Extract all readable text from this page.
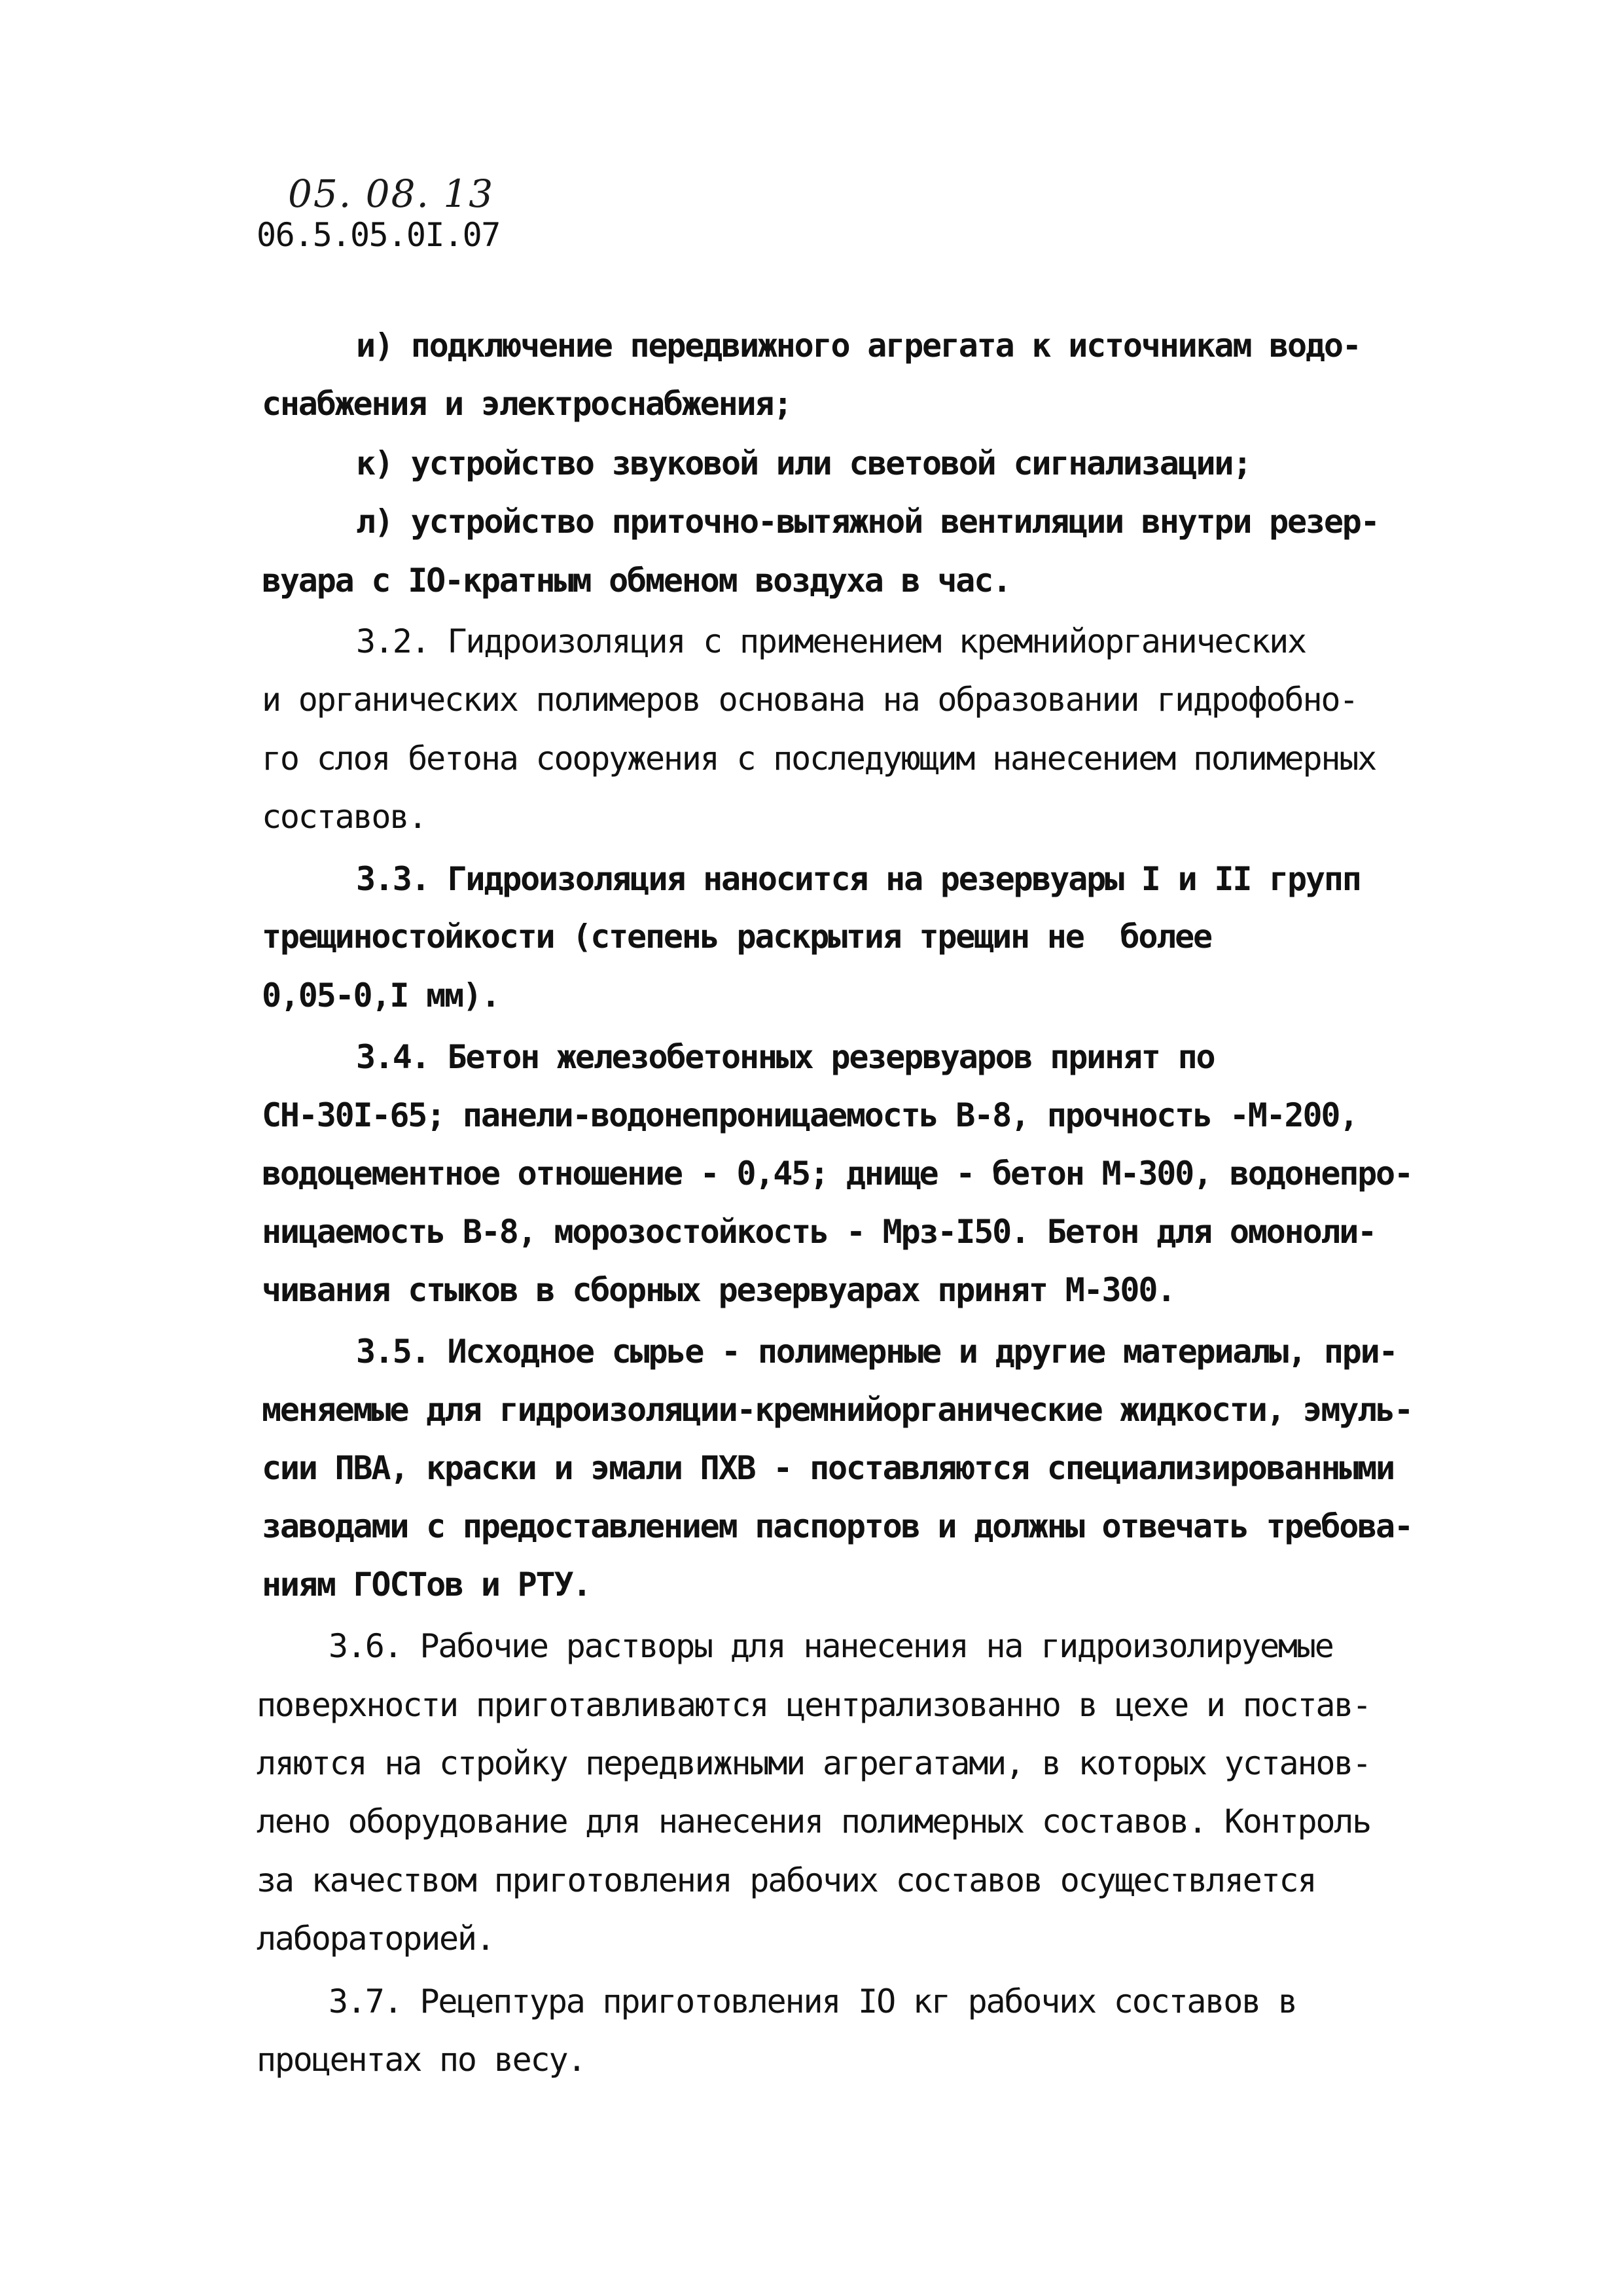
05. 08. 13
06.5.05.0I.07
и) подключение передвижного агрегата к источникам водо-
снабжения и электроснабжения;
к) устройство звуковой или световой сигнализации;
л) устройство приточно-вытяжной вентиляции внутри резер-
вуара с IO-кратным обменом воздуха в час.
3.2. Гидроизоляция с применением кремнийорганических
и органических полимеров основана на образовании гидрофобно-
го слоя бетона сооружения с последующим нанесением полимерных
составов.
3.3. Гидроизоляция наносится на резервуары I и II групп
трещиностойкости (степень раскрытия трещин не  более
0,05-0,I мм).
3.4. Бетон железобетонных резервуаров принят по
СН-30I-65; панели-водонепроницаемость В-8, прочность -М-200,
водоцементное отношение - 0,45; днище - бетон М-300, водонепро-
ницаемость В-8, морозостойкость - Мрз-I50. Бетон для омоноли-
чивания стыков в сборных резервуарах принят М-300.
3.5. Исходное сырье - полимерные и другие материалы, при-
меняемые для гидроизоляции-кремнийорганические жидкости, эмуль-
сии ПВА, краски и эмали ПХВ - поставляются специализированными
заводами с предоставлением паспортов и должны отвечать требова-
ниям ГОСТов и РТУ.
3.6. Рабочие растворы для нанесения на гидроизолируемые
поверхности приготавливаются централизованно в цехе и постав-
ляются на стройку передвижными агрегатами, в которых установ-
лено оборудование для нанесения полимерных составов. Контроль
за качеством приготовления рабочих составов осуществляется
лабораторией.
3.7. Рецептура приготовления IO кг рабочих составов в
процентах по весу.
